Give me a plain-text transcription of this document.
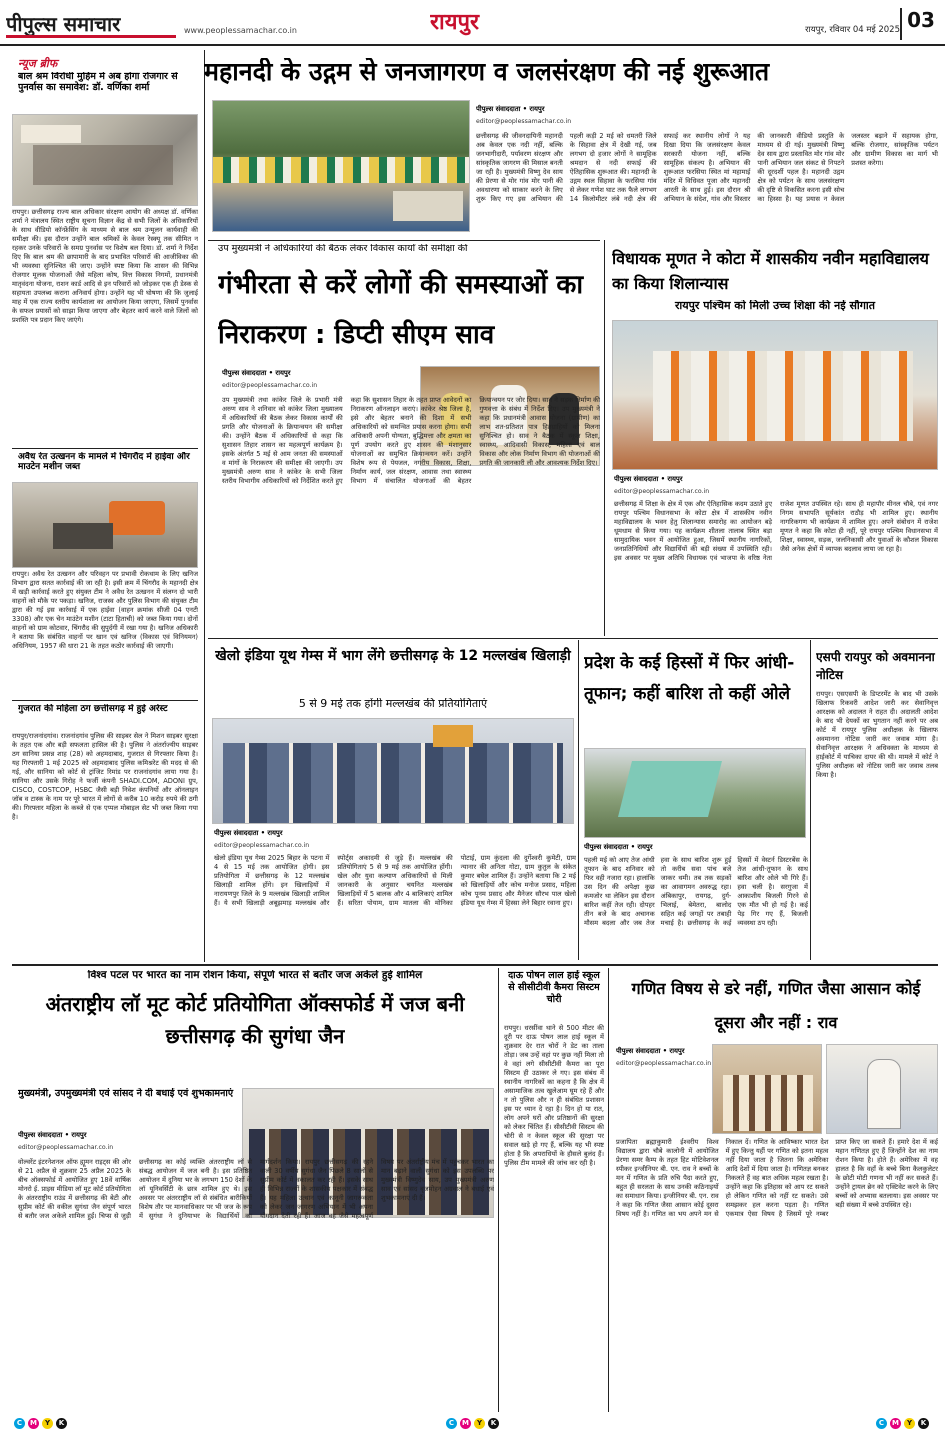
पीपुल्स समाचार	www.peoplessamachar.co.in	रायपुर	रायपुर, रविवार 04 मई 2025 03
न्यूज ब्रीफ
बाल श्रम विरोधी मुहिम में अब होगा रोजगार से पुनर्वास का समावेश: डॉ. वर्णिका शर्मा
रायपुर। छत्तीसगढ़ राज्य बाल अधिकार संरक्षण आयोग की अध्यक्ष डॉ. वर्णिका शर्मा ने मंत्रालय स्थित राष्ट्रीय सूचना विज्ञान केंद्र से सभी जिलों के अधिकारियों के साथ वीडियो कॉन्फ्रेंसिंग के माध्यम से बाल श्रम उन्मूलन कार्यवाही की समीक्षा की। इस दौरान उन्होंने बाल श्रमिकों के केवल रेस्क्यू तक सीमित न रहकर उनके परिवारों के समग्र पुनर्वास पर विशेष बल दिया। डॉ. शर्मा ने निर्देश दिए कि बाल श्रम की छापामारी के बाद प्रभावित परिवारों की आजीविका की भी व्यवस्था सुनिश्चित की जाए। उन्होंने स्पष्ट किया कि शासन की विभिन्न रोजगार मूलक योजनाओं जैसे महिला कोष, वित्त विकास निगमों, प्रधानमंत्री मातृवंदना योजना, राशन कार्ड आदि से इन परिवारों को जोड़कर एक ही डेस्क से सहायता उपलब्ध कराना अनिवार्य होगा। उन्होंने यह भी घोषणा की कि जुलाई माह में एक राज्य स्तरीय कार्यशाला का आयोजन किया जाएगा, जिसमें पुनर्वास के सफल प्रयासों को साझा किया जाएगा और बेहतर कार्य करने वाले जिलों को प्रशस्ति पत्र प्रदान किए जाएंगे।
अवैध रेत उत्खनन के मामले में चिंगरौद में हाईवा और माउटेन मशीन जब्त
रायपुर। अवैध रेत उत्खनन और परिवहन पर प्रभावी रोकथाम के लिए खनिज विभाग द्वारा सतत कार्रवाई की जा रही है। इसी क्रम में चिंगरौद के महानदी क्षेत्र में खड़ी कार्रवाई करते हुए संयुक्त टीम ने अवैध रेत उत्खनन में संलग्न दो भारी वाहनों को मौके पर पकड़ा। खनिज, राजस्व और पुलिस विभाग की संयुक्त टीम द्वारा की गई इस कार्रवाई में एक हाईवा (वाहन क्रमांक सीजी 04 एनटी 3308) और एक चेन माउंटेन मशीन (टाटा हिताची) को जब्त किया गया। दोनों वाहनों को ग्राम कोटवार, चिंगरौद की सुपुर्दगी में रखा गया है। खनिज अधिकारी ने बताया कि संबंधित वाहनों पर खान एवं खनिज (विकास एवं विनियमन) अधिनियम, 1957 की धारा 21 के तहत कठोर कार्रवाई की जाएगी।
गुजरात की महिला ठग छत्तीसगढ़ में हुई अरेस्ट
रायपुर/राजनांदगांव। राजनांदगांव पुलिस की साइबर सेल ने मिशन साइबर सुरक्षा के तहत एक और बड़ी सफलता हासिल की है। पुलिस ने अंतर्राज्यीय साइबर ठग सानिया प्रसन्न शाह (28) को अहमदाबाद, गुजरात से गिरफ्तार किया है। यह गिरफ्तारी 1 मई 2025 को अहमदाबाद पुलिस कमिश्नरेट की मदद से की गई, और सानिया को कोर्ट से ट्रांजिट रिमांड पर राजनांदगांव लाया गया है। सानिया और उसके गिरोह ने फर्जी कंपनी SHADI.COM, ADONI ग्रुप, CISCO, COSTCOP, HSBC जैसी बड़ी निवेश कंपनियों और ऑनलाइन जॉब व टास्क के नाम पर पूरे भारत में लोगों से करीब 10 करोड़ रुपये की ठगी की। गिरफ्तार महिला के कब्जे से एक एप्पल मोबाइल सेट भी जब्त किया गया है।
महानदी के उद्गम से जनजागरण व जलसंरक्षण की नई शुरूआत
पीपुल्स संवाददाता • रायपुर
editor@peoplessamachar.co.in
छत्तीसगढ़ की जीवनदायिनी महानदी अब केवल एक नदी नहीं, बल्कि जनभागीदारी, पर्यावरण संरक्षण और सांस्कृतिक जागरण की मिसाल बनती जा रही है। मुख्यमंत्री विष्णु देव साय की प्रेरणा से मोर गांव मोर पानी की अवधारणा को साकार करने के लिए शुरू किए गए इस अभियान की पहली कड़ी 2 मई को धमतरी जिले के सिहावा क्षेत्र में देखी गई, जब लगभग दो हजार लोगों ने सामूहिक श्रमदान से नदी सफाई की ऐतिहासिक शुरूआत की। महानदी के उद्गम स्थल सिहावा के फरसिया गांव से लेकर गणेश घाट तक फैले लगभग 14 किलोमीटर लंबे नदी क्षेत्र की सफाई कर स्थानीय लोगों ने यह दिखा दिया कि जलसंरक्षण केवल सरकारी योजना नहीं, बल्कि सामूहिक संकल्प है। अभियान की शुरूआत फरसिया स्थित मां महामाई मंदिर में विधिवत पूजा और महानदी आरती के साथ हुई। इस दौरान श्री अभियान के संदेश, गांव और विस्तार की जानकारी वीडियो प्रस्तुति के माध्यम से दी गई। मुख्यमंत्री विष्णु देव साय द्वारा प्रस्तावित मोर गांव मोर पानी अभियान जल संकट से निपटने की दूरदर्शी पहल है। महानदी उद्गम क्षेत्र को पर्यटन के साथ जलसंरक्षण की दृष्टि से विकसित करना इसी सोच का हिस्सा है। यह प्रयास न केवल जलस्तर बढ़ाने में सहायक होगा, बल्कि रोजगार, सांस्कृतिक पर्यटन और ग्रामीण विकास का मार्ग भी प्रशस्त करेगा।
उप मुख्यमंत्री ने अधिकारियों की बैठक लेकर विकास कार्यों की समीक्षा की
गंभीरता से करें लोगों की समस्याओं का निराकरण : डिप्टी सीएम साव
पीपुल्स संवाददाता • रायपुर
editor@peoplessamachar.co.in
उप मुख्यमंत्री तथा कांकेर जिले के प्रभारी मंत्री अरुण साव ने शनिवार को कांकेर जिला मुख्यालय में अधिकारियों की बैठक लेकर विकास कार्यों की प्रगति और योजनाओं के क्रियान्वयन की समीक्षा की। उन्होंने बैठक में अधिकारियों से कहा कि सुशासन तिहार शासन का महत्वपूर्ण कार्यक्रम है। इसके अंतर्गत 5 मई से आम जनता की समस्याओं व मांगों के निराकरण की समीक्षा की जाएगी। उप मुख्यमंत्री अरुण साव ने कांकेर के सभी जिला स्तरीय विभागीय अधिकारियों को निर्देशित करते हुए कहा कि सुशासन तिहार के तहत प्राप्त आवेदनों का निराकरण ऑनलाइन कराएं। कांकेर श्रेष्ठ जिला है, इसे और बेहतर बनाने की दिशा में सभी अधिकारियों को समन्वित प्रयास करना होगा। सभी अधिकारी अपनी योग्यता, बुद्धिमत्ता और क्षमता का पूर्ण उपयोग करते हुए शासन की मंशानुसार योजनाओं का समुचित क्रियान्वयन करें। उन्होंने विशेष रूप से पेयजल, नगरीय विकास, शिक्षा, निर्माण कार्य, जल संरक्षण, आवास तथा स्वास्थ्य विभाग में संचालित योजनाओं की बेहतर क्रियान्वयन पर जोर दिया। साव ने सड़क निर्माण की गुणवत्ता के संबंध में निर्देश दिए। उप मुख्यमंत्री ने कहा कि प्रधानमंत्री आवास योजना (ग्रामीण) का लाभ शत-प्रतिशत पात्र हितग्राहियों को मिलना सुनिश्चित हो। साव ने बैठक में स्कूल शिक्षा, स्वास्थ्य, आदिवासी विकास, महिला एवं बाल विकास और लोक निर्माण विभाग की योजनाओं की प्रगति की जानकारी ली और आवश्यक निर्देश दिए।
विधायक मूणत ने कोटा में शासकीय नवीन महाविद्यालय का किया शिलान्यास
रायपुर पश्चिम को मिली उच्च शिक्षा की नई सौगात
पीपुल्स संवाददाता • रायपुर
editor@peoplessamachar.co.in
छत्तीसगढ़ में शिक्षा के क्षेत्र में एक और ऐतिहासिक कदम उठाते हुए रायपुर पश्चिम विधानसभा के कोटा क्षेत्र में शासकीय नवीन महाविद्यालय के भवन हेतु शिलान्यास समारोह का आयोजन बड़े धूमधाम से किया गया। यह कार्यक्रम शीतला तालाब स्थित बड़ा सामुदायिक भवन में आयोजित हुआ, जिसमें स्थानीय नागरिकों, जनप्रतिनिधियों और विद्यार्थियों की बड़ी संख्या में उपस्थिति रही। इस अवसर पर मुख्य अतिथि विधायक एवं भाजपा के वरिष्ठ नेता राजेश मूणत उपस्थित रहे। साथ ही महापौर मीनल चौबे, एवं नगर निगम सभापति सूर्यकांत राठौड़ भी शामिल हुए। स्थानीय नागरिकगण भी कार्यक्रम में शामिल हुए। अपने संबोधन में राजेश मूणत ने कहा कि कोटा ही नहीं, पूरे रायपुर पश्चिम विधानसभा में शिक्षा, स्वास्थ्य, सड़क, जलनिकासी और युवाओं के कौशल विकास जैसे अनेक क्षेत्रों में व्यापक बदलाव लाया जा रहा है।
खेलो इंडिया यूथ गेम्स में भाग लेंगे छत्तीसगढ़ के 12 मल्लखंब खिलाड़ी
5 से 9 मई तक होंगी मल्लखंब की प्रतियोगिताएं
पीपुल्स संवाददाता • रायपुर
editor@peoplessamachar.co.in
खेलो इंडिया यूथ गेम्स 2025 बिहार के पटना में 4 से 15 मई तक आयोजित होगी। इस प्रतियोगिता में छत्तीसगढ़ के 12 मल्लखंब खिलाड़ी शामिल होंगे। इन खिलाड़ियों में नारायणपुर जिले के 9 मल्लखंब खिलाड़ी शामिल हैं। ये सभी खिलाड़ी अबूझमाड़ मल्लखंब और स्पोर्ट्स अकादमी से जुड़े हैं। मल्लखंब की प्रतियोगिताएं 5 से 9 मई तक आयोजित होंगी। खेल और युवा कल्याण अधिकारियों से मिली जानकारी के अनुसार चयनित मल्लखंब खिलाड़ियों में 5 बालक और 4 बालिकाएं शामिल हैं। सरिता पोयाम, ग्राम मातला की मोनिका पोटाई, ग्राम कुंदला की दुर्गेश्वरी कुमेटी, ग्राम न्यानार की अनिता गोटा, ग्राम कुतुल के संकेत कुमार बघेल शामिल हैं। उन्होंने बताया कि 2 मई को खिलाड़ियों और कोच मनोज प्रसाद, महिला कोच पूनम प्रसाद और मैनेजर सौरभ पाल खेलो इंडिया यूथ गेम्स में हिस्सा लेने बिहार रवाना हुए।
प्रदेश के कई हिस्सों में फिर आंधी-तूफान; कहीं बारिश तो कहीं ओले
पीपुल्स संवाददाता • रायपुर
पहली मई को आए तेज आंधी तूफान के बाद शनिवार को फिर वही नजारा रहा। हालांकि उस दिन की अपेक्षा कुछ कमजोर था लेकिन इस दौरान बारिश कहीं तेज रही। दोपहर तीन बजे के बाद अचानक मौसम बदला और जब तेज हवा के साथ बारिश शुरू हुई तो करीब सवा पांच बजे जाकर थमी। तब तक सड़कों का आवागमन अवरुद्ध रहा। अंबिकापुर, रायगढ़, दुर्ग-भिलाई, बेमेतरा, बालोद सहित कई जगहों पर तबाही मचाई है। छत्तीसगढ़ के कई हिस्सों में वेस्टर्न डिस्टरबेंस के तेज आंधी-तूफान के साथ बारिश और ओले भी गिरे हैं। हवा चली है। सरगुजा में आकाशीय बिजली गिरने से एक मौत भी हो गई है। कई पेड़ गिर गए हैं, बिजली व्यवस्था ठप रही।
एसपी रायपुर को अवमानना नोटिस
रायपुर। एसएसपी के डिप्टरमेंट के बाद भी उसके खिलाफ रिकवरी आदेश जारी कर सेवानिवृत्त आरक्षक को अदालत ने राहत दी। अदालती आदेश के बाद भी देयकों का भुगतान नहीं करने पर अब कोर्ट में रायपुर पुलिस अधीक्षक के खिलाफ अवमानना नोटिस जारी कर जवाब मांगा है। सेवानिवृत्त आरक्षक ने अधिवक्ता के माध्यम से हाईकोर्ट में याचिका दायर की थी। मामले में कोर्ट ने पुलिस अधीक्षक को नोटिस जारी कर जवाब तलब किया है।
विश्व पटल पर भारत का नाम रोशन किया, संपूर्ण भारत से बतौर जज अकेले हुई शामिल
अंतराष्ट्रीय लॉ मूट कोर्ट प्रतियोगिता ऑक्सफोर्ड में जज बनी छत्तीसगढ़ की सुगंधा जैन
मुख्यमंत्री, उपमुख्यमंत्री एवं सांसद ने दी बधाई एवं शुभकामनाएं
पीपुल्स संवाददाता • रायपुर
editor@peoplessamachar.co.in
वोल्वरेंट इंटरनेशनल ऑफ ह्यूमन राइट्स की ओर से 21 अप्रैल से शुक्रवार 25 अप्रैल 2025 के बीच ऑक्सफोर्ड में आयोजित हुए 18वें वार्षिक मोनरो ई. प्राइस मीडिया लॉ मूट कोर्ट प्रतियोगिता के अंतरराष्ट्रीय राउंड में छत्तीसगढ़ की बेटी और सुप्रीम कोर्ट की वकील सुगंधा जैन संपूर्ण भारत से बतौर जज अकेले शामिल हुईं। चिप्स से जुड़ी छत्तीसगढ़ का कोई व्यक्ति अंतरराष्ट्रीय लॉ से संबद्ध आयोजन में जज बनी है। इस प्रतिष्ठित आयोजन में दुनिया भर के लगभग 150 देशों के लॉ यूनिवर्सिटी के छात्र शामिल हुए थे। इस अवसर पर अंतरराष्ट्रीय लॉ से संबंधित बारीकियों विशेष तौर पर मानवाधिकार पर भी जज के रूप में सुगंधा ने दुनियाभर के विद्यार्थियों का मार्गदर्शन किया। रायपुर छत्तीसगढ़ की रहने वाली 30 वर्षीय सुगंधा जैन पिछले 8 सालों से सुप्रीम कोर्ट में वकालत कर रही हैं। इसके साथ ही विभिन्न राज्यों के शासकीय पक्षकार में संबद्ध हैं। यह महिला उत्थान एवं कानूनी जागरूकता को लेकर जन जागरण अभियान में भी अपना योगदान देती रही हैं। आज वह जैसे महत्वपूर्ण विषय पर अंतर्राष्ट्रीय मंच में पहुंचकर भारत का मान बढ़ाने वाली सुगंधा को इस उपलब्धि पर मुख्यमंत्री विष्णुदेव साय, उप मुख्यमंत्री अरुण साव एवं सांसद बृजमोहन अग्रवाल ने बधाई एवं शुभकामनाएं दी हैं।
दाऊ पोषन लाल हाई स्कूल से सीसीटीवी कैमरा सिस्टम चोरी
रायपुर। धरसींवा थाने से 500 मीटर की दूरी पर दाऊ पोषन लाल हाई स्कूल में शुक्रवार देर रात चोरों ने डेट का ताला तोड़ा। जब उन्हें वहां पर कुछ नहीं मिला तो वे वहां लगे सीसीटीवी कैमरा का पूरा सिस्टम ही उठाकर ले गए। इस संबंध में स्थानीय नागरिकों का कहना है कि क्षेत्र में असामाजिक तत्व खुलेआम घूम रहे हैं और न तो पुलिस और न ही संबंधित प्रशासन इस पर ध्यान दे रहा है। दिन हो या रात, लोग अपने घरों और प्रतिष्ठानों की सुरक्षा को लेकर चिंतित हैं। सीसीटीवी सिस्टम की चोरी से न केवल स्कूल की सुरक्षा पर सवाल खड़े हो गए हैं, बल्कि यह भी स्पष्ट होता है कि अपराधियों के हौसले बुलंद हैं। पुलिस टीम मामले की जांच कर रही है।
गणित विषय से डरे नहीं, गणित जैसा आसान कोई दूसरा और नहीं : राव
पीपुल्स संवाददाता • रायपुर
editor@peoplessamachar.co.in
प्रजापिता ब्रह्माकुमारी ईश्वरीय विश्व विद्यालय द्वारा चौबे कालोनी में आयोजित प्रेरणा समर कैम्प के तहत हिट मोटिवेशनल स्पीकर इन्जीनियर बी. एन. राव ने बच्चों के मन में गणित के प्रति रुचि पैदा करते हुए, बहुत ही सरलता के साथ उनकी कठिनाइयों का समाधान किया। इन्जीनियर बी. एन. राव ने कहा कि गणित जैसा आसान कोई दूसरा विषय नहीं है। गणित का भय अपने मन से निकाल दें। गणित के आविष्कार भारत देश में हुए किन्तु यहीं पर गणित को इतना महत्व नहीं दिया जाता है जितना कि अमेरिका आदि देशों में दिया जाता है। गणितज्ञ बनकर निकलते हैं वह बात अधिक महत्व रखता है। उन्होंने कहा कि इतिहास को आप रट सकते हो लेकिन गणित को नहीं रट सकते। उसे समझकर हल करना पड़ता है। गणित एकमात्र ऐसा विषय है जिसमें पूरे नम्बर प्राप्त किए जा सकते हैं। हमारे देश में कई महान गणितज्ञ हुए हैं जिन्होंने देश का नाम रोशन किया है। होते हैं। अमेरिका में वह हालत है कि वहाँ के बच्चे बिना कैलकुलेटर के छोटी मोटी गणना भी नहीं कर सकते हैं। उन्होंने ट्रायल ब्रेन को एक्टिवेट करने के लिए बच्चों को अभ्यास बतलाया। इस अवसर पर बड़ी संख्या में बच्चे उपस्थित रहे।
C	M	Y	K	C	M	Y	K	C	M	Y	K
